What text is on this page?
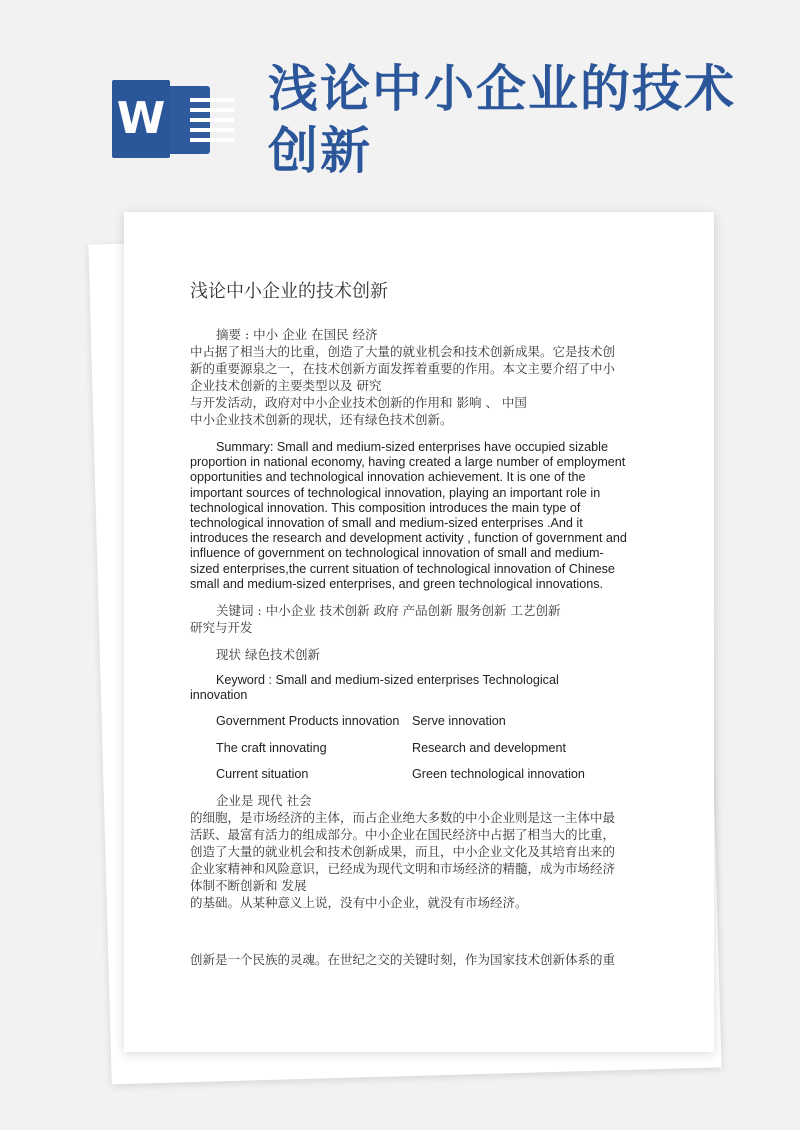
W
浅论中小企业的技术创新
浅论中小企业的技术创新

摘要 : 中小 企业 在国民 经济

中占据了相当大的比重，创造了大量的就业机会和技术创新成果。它是技术创

新的重要源泉之一，在技术创新方面发挥着重要的作用。本文主要介绍了中小

企业技术创新的主要类型以及 研究

与开发活动，政府对中小企业技术创新的作用和 影响 、 中国

中小企业技术创新的现状，还有绿色技术创新。

Summary: Small and medium-sized enterprises have occupied sizable

proportion in national economy, having created a large number of employment

opportunities and technological innovation achievement. It is one of the

important sources of technological innovation, playing an important role in

technological innovation. This composition introduces the main type of

technological innovation of small and medium-sized enterprises .And it

introduces the research and development activity , function of government and

influence of government on technological innovation of small and medium-

sized enterprises,the current situation of technological innovation of Chinese

small and medium-sized enterprises, and green technological innovations.

关键词 : 中小企业 技术创新 政府 产品创新 服务创新 工艺创新

研究与开发

现状 绿色技术创新

Keyword : Small and medium-sized enterprises Technological

innovation

Government Products innovation Serve innovation
The craft innovating	Research and development
Current situation	Green technological innovation

企业是 现代 社会

的细胞，是市场经济的主体，而占企业绝大多数的中小企业则是这一主体中最

活跃、最富有活力的组成部分。中小企业在国民经济中占据了相当大的比重，

创造了大量的就业机会和技术创新成果，而且，中小企业文化及其培育出来的

企业家精神和风险意识，已经成为现代文明和市场经济的精髓，成为市场经济

体制不断创新和 发展

的基础。从某种意义上说，没有中小企业，就没有市场经济。

创新是一个民族的灵魂。在世纪之交的关键时刻，作为国家技术创新体系的重
